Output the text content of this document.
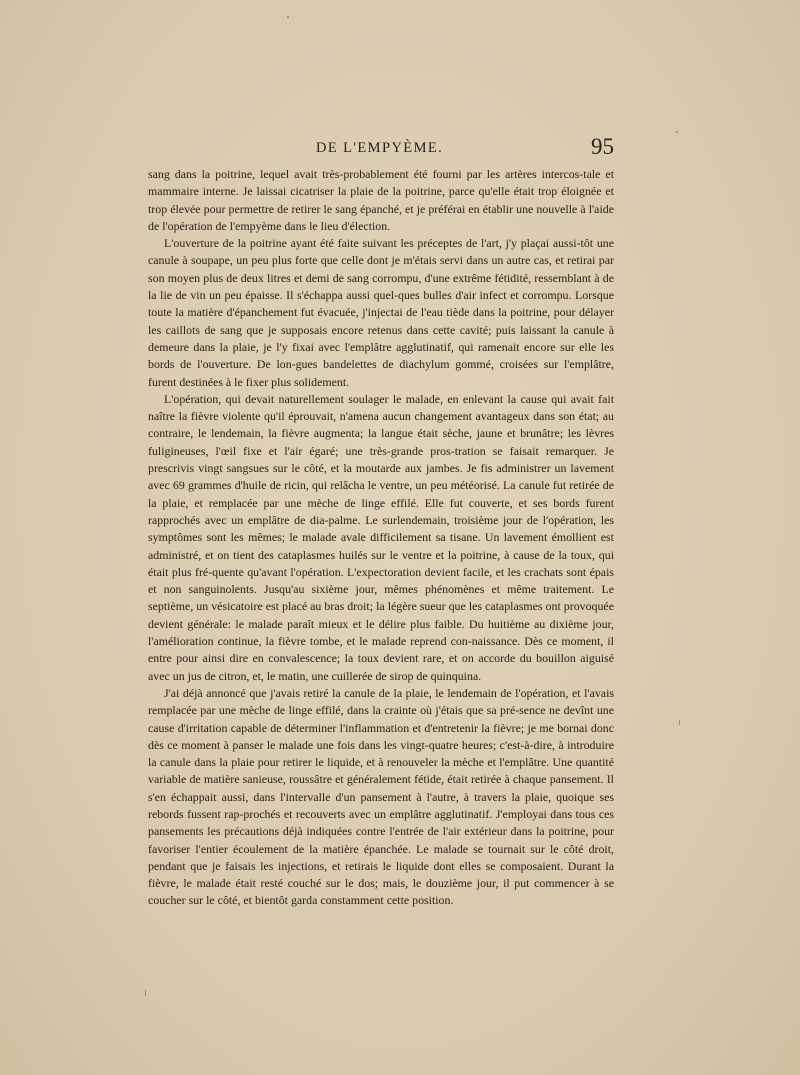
DE L'EMPYÈME.	95

sang dans la poitrine, lequel avait très-probablement été fourni par les artères intercos-tale et mammaire interne. Je laissai cicatriser la plaie de la poitrine, parce qu'elle était trop éloignée et trop élevée pour permettre de retirer le sang épanché, et je préférai en établir une nouvelle à l'aide de l'opération de l'empyème dans le lieu d'élection.

L'ouverture de la poitrine ayant été faite suivant les préceptes de l'art, j'y plaçai aussi-tôt une canule à soupape, un peu plus forte que celle dont je m'étais servi dans un autre cas, et retirai par son moyen plus de deux litres et demi de sang corrompu, d'une extrême fétidité, ressemblant à de la lie de vin un peu épaisse. Il s'échappa aussi quel-ques bulles d'air infect et corrompu. Lorsque toute la matière d'épanchement fut évacuée, j'injectai de l'eau tiède dans la poitrine, pour délayer les caillots de sang que je supposais encore retenus dans cette cavité; puis laissant la canule à demeure dans la plaie, je l'y fixai avec l'emplâtre agglutinatif, qui ramenait encore sur elle les bords de l'ouverture. De lon-gues bandelettes de diachylum gommé, croisées sur l'emplâtre, furent destinées à le fixer plus solidement.

L'opération, qui devait naturellement soulager le malade, en enlevant la cause qui avait fait naître la fièvre violente qu'il éprouvait, n'amena aucun changement avantageux dans son état; au contraire, le lendemain, la fièvre augmenta; la langue était sèche, jaune et brunâtre; les lèvres fuligineuses, l'œil fixe et l'air égaré; une très-grande pros-tration se faisait remarquer. Je prescrivis vingt sangsues sur le côté, et la moutarde aux jambes. Je fis administrer un lavement avec 69 grammes d'huile de ricin, qui relâcha le ventre, un peu météorisé. La canule fut retirée de la plaie, et remplacée par une mèche de linge effilé. Elle fut couverte, et ses bords furent rapprochés avec un emplâtre de dia-palme. Le surlendemain, troisième jour de l'opération, les symptômes sont les mêmes; le malade avale difficilement sa tisane. Un lavement émollient est administré, et on tient des cataplasmes huilés sur le ventre et la poitrine, à cause de la toux, qui était plus fré-quente qu'avant l'opération. L'expectoration devient facile, et les crachats sont épais et non sanguinolents. Jusqu'au sixième jour, mêmes phénomènes et même traitement. Le septième, un vésicatoire est placé au bras droit; la légère sueur que les cataplasmes ont provoquée devient générale: le malade paraît mieux et le délire plus faible. Du huitième au dixième jour, l'amélioration continue, la fièvre tombe, et le malade reprend con-naissance. Dès ce moment, il entre pour ainsi dire en convalescence; la toux devient rare, et on accorde du bouillon aiguisé avec un jus de citron, et, le matin, une cuillerée de sirop de quinquina.

J'ai déjà annoncé que j'avais retiré la canule de la plaie, le lendemain de l'opération, et l'avais remplacée par une mèche de linge effilé, dans la crainte où j'étais que sa pré-sence ne devînt une cause d'irritation capable de déterminer l'inflammation et d'entretenir la fièvre; je me bornai donc dès ce moment à panser le malade une fois dans les vingt-quatre heures; c'est-à-dire, à introduire la canule dans la plaie pour retirer le liquide, et à renouveler la mèche et l'emplâtre. Une quantité variable de matière sanieuse, roussâtre et généralement fétide, était retirée à chaque pansement. Il s'en échappait aussi, dans l'intervalle d'un pansement à l'autre, à travers la plaie, quoique ses rebords fussent rap-prochés et recouverts avec un emplâtre agglutinatif. J'employai dans tous ces pansements les précautions déjà indiquées contre l'entrée de l'air extérieur dans la poitrine, pour favoriser l'entier écoulement de la matière épanchée. Le malade se tournait sur le côté droit, pendant que je faisais les injections, et retirais le liquide dont elles se composaient. Durant la fièvre, le malade était resté couché sur le dos; mais, le douzième jour, il put commencer à se coucher sur le côté, et bientôt garda constamment cette position.
